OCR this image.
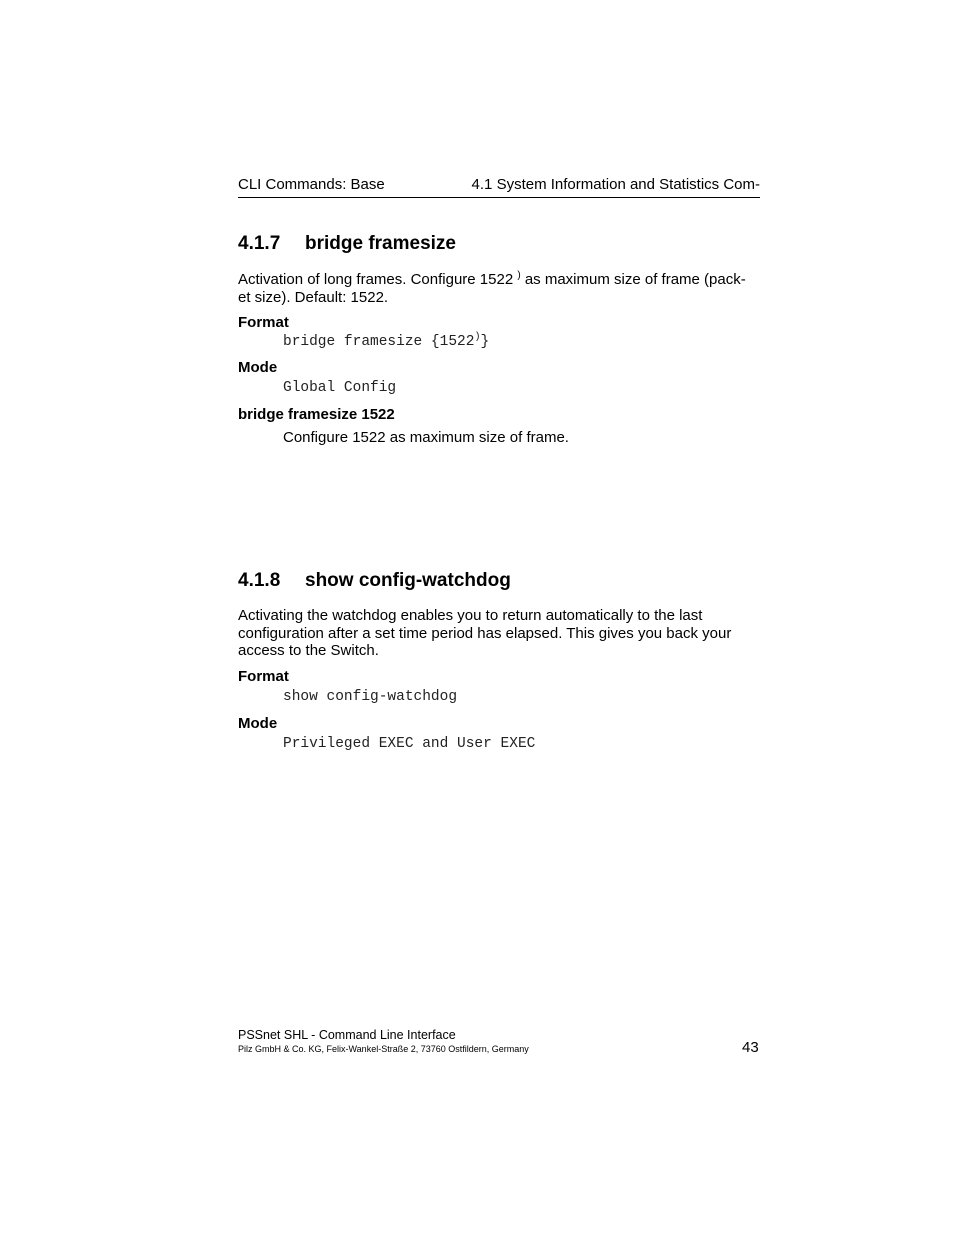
CLI Commands: Base	4.1 System Information and Statistics Com-
4.1.7 bridge framesize
Activation of long frames. Configure 1522 ) as maximum size of frame (pack-
et size). Default: 1522.
Format
bridge framesize {1522)}
Mode
Global Config
bridge framesize 1522
Configure 1522 as maximum size of frame.
4.1.8 show config-watchdog
Activating the watchdog enables you to return automatically to the last configuration after a set time period has elapsed. This gives you back your access to the Switch.
Format
show config-watchdog
Mode
Privileged EXEC and User EXEC
PSSnet SHL - Command Line Interface
Pilz GmbH & Co. KG, Felix-Wankel-Straße 2, 73760 Ostfildern, Germany	43
